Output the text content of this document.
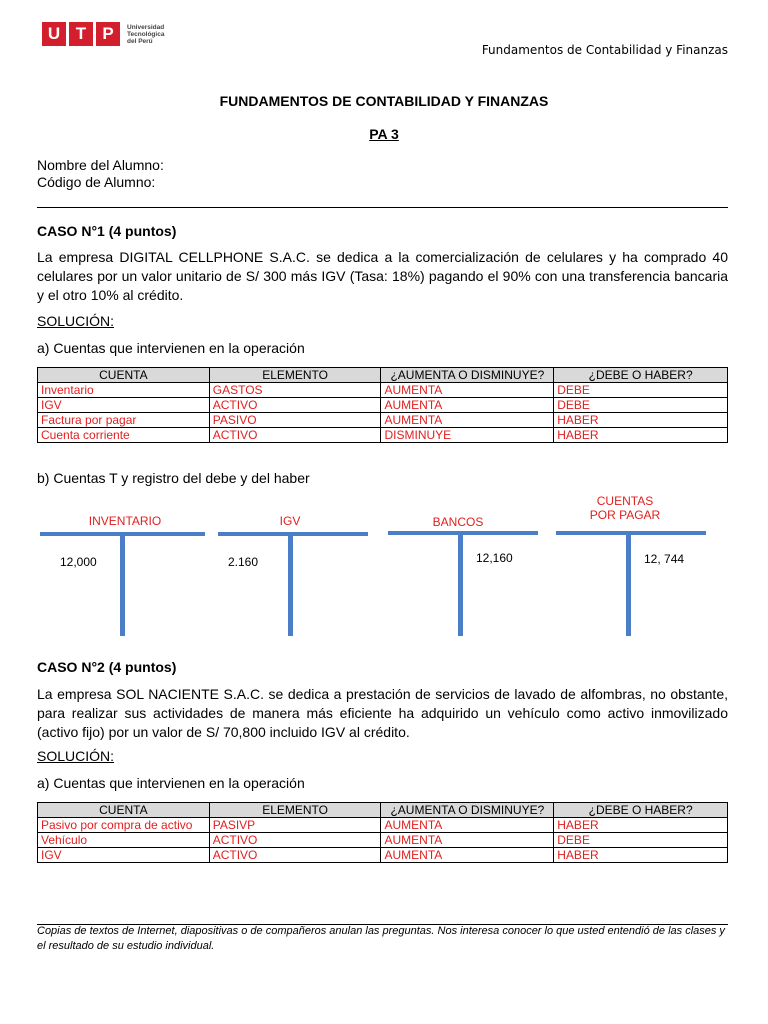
U T P	Universidad
Tecnológica
del Perú
Fundamentos de Contabilidad y Finanzas
FUNDAMENTOS DE CONTABILIDAD Y FINANZAS
PA 3
Nombre del Alumno:
Código de Alumno:
CASO N°1 (4 puntos)
La empresa DIGITAL CELLPHONE S.A.C. se dedica a la comercialización de celulares y ha comprado 40 celulares por un valor unitario de S/ 300 más IGV (Tasa: 18%) pagando el 90% con una transferencia bancaria y el otro 10% al crédito.
SOLUCIÓN:
a) Cuentas que intervienen en la operación
CUENTA	ELEMENTO	¿AUMENTA O DISMINUYE?	¿DEBE O HABER?
Inventario	GASTOS	AUMENTA	DEBE
IGV	ACTIVO	AUMENTA	DEBE
Factura por pagar	PASIVO	AUMENTA	HABER
Cuenta corriente	ACTIVO	DISMINUYE	HABER
b) Cuentas T y registro del debe y del haber
INVENTARIO
12,000
IGV
2.160
BANCOS
12,160
CUENTAS
POR PAGAR
12, 744
CASO N°2 (4 puntos)
La empresa SOL NACIENTE S.A.C. se dedica a prestación de servicios de lavado de alfombras, no obstante, para realizar sus actividades de manera más eficiente ha adquirido un vehículo como activo inmovilizado (activo fijo) por un valor de S/ 70,800 incluido IGV al crédito.
SOLUCIÓN:
a) Cuentas que intervienen en la operación
CUENTA	ELEMENTO	¿AUMENTA O DISMINUYE?	¿DEBE O HABER?
Pasivo por compra de activo	PASIVP	AUMENTA	HABER
Vehículo	ACTIVO	AUMENTA	DEBE
IGV	ACTIVO	AUMENTA	HABER
Copias de textos de Internet, diapositivas o de compañeros anulan las preguntas. Nos interesa conocer lo que usted entendió de las clases y el resultado de su estudio individual.
